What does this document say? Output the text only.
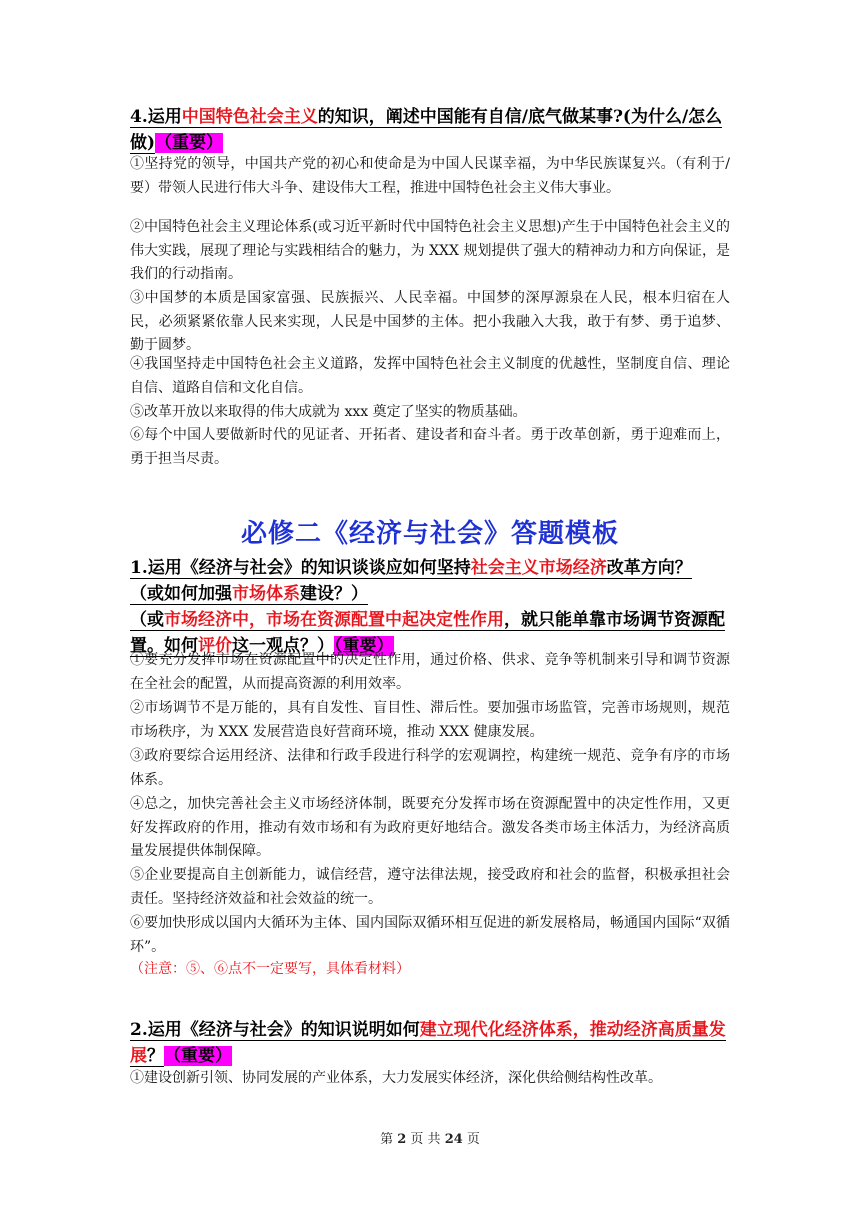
4.运用中国特色社会主义的知识，阐述中国能有自信/底气做某事?(为什么/怎么做)（重要）
①坚持党的领导，中国共产党的初心和使命是为中国人民谋幸福，为中华民族谋复兴。（有利于/要）带领人民进行伟大斗争、建设伟大工程，推进中国特色社会主义伟大事业。
②中国特色社会主义理论体系(或习近平新时代中国特色社会主义思想)产生于中国特色社会主义的伟大实践，展现了理论与实践相结合的魅力，为 XXX 规划提供了强大的精神动力和方向保证，是我们的行动指南。
③中国梦的本质是国家富强、民族振兴、人民幸福。中国梦的深厚源泉在人民，根本归宿在人民，必须紧紧依靠人民来实现，人民是中国梦的主体。把小我融入大我，敢于有梦、勇于追梦、勤于圆梦。
④我国坚持走中国特色社会主义道路，发挥中国特色社会主义制度的优越性，坚制度自信、理论自信、道路自信和文化自信。
⑤改革开放以来取得的伟大成就为 xxx 奠定了坚实的物质基础。
⑥每个中国人要做新时代的见证者、开拓者、建设者和奋斗者。勇于改革创新，勇于迎难而上，勇于担当尽责。
必修二《经济与社会》答题模板
1.运用《经济与社会》的知识谈谈应如何坚持社会主义市场经济改革方向？
（或如何加强市场体系建设？）
（或市场经济中，市场在资源配置中起决定性作用，就只能单靠市场调节资源配置。如何评价这一观点？）（重要）
①要充分发挥市场在资源配置中的决定性作用，通过价格、供求、竞争等机制来引导和调节资源在全社会的配置，从而提高资源的利用效率。
②市场调节不是万能的，具有自发性、盲目性、滞后性。要加强市场监管，完善市场规则，规范市场秩序，为 XXX 发展营造良好营商环境，推动 XXX 健康发展。
③政府要综合运用经济、法律和行政手段进行科学的宏观调控，构建统一规范、竞争有序的市场体系。
④总之，加快完善社会主义市场经济体制，既要充分发挥市场在资源配置中的决定性作用，又更好发挥政府的作用，推动有效市场和有为政府更好地结合。激发各类市场主体活力，为经济高质量发展提供体制保障。
⑤企业要提高自主创新能力，诚信经营，遵守法律法规，接受政府和社会的监督，积极承担社会责任。坚持经济效益和社会效益的统一。
⑥要加快形成以国内大循环为主体、国内国际双循环相互促进的新发展格局，畅通国内国际“双循环”。
（注意：⑤、⑥点不一定要写，具体看材料）
2.运用《经济与社会》的知识说明如何建立现代化经济体系，推动经济高质量发展？（重要）
①建设创新引领、协同发展的产业体系，大力发展实体经济，深化供给侧结构性改革。
第 2 页 共 24 页
